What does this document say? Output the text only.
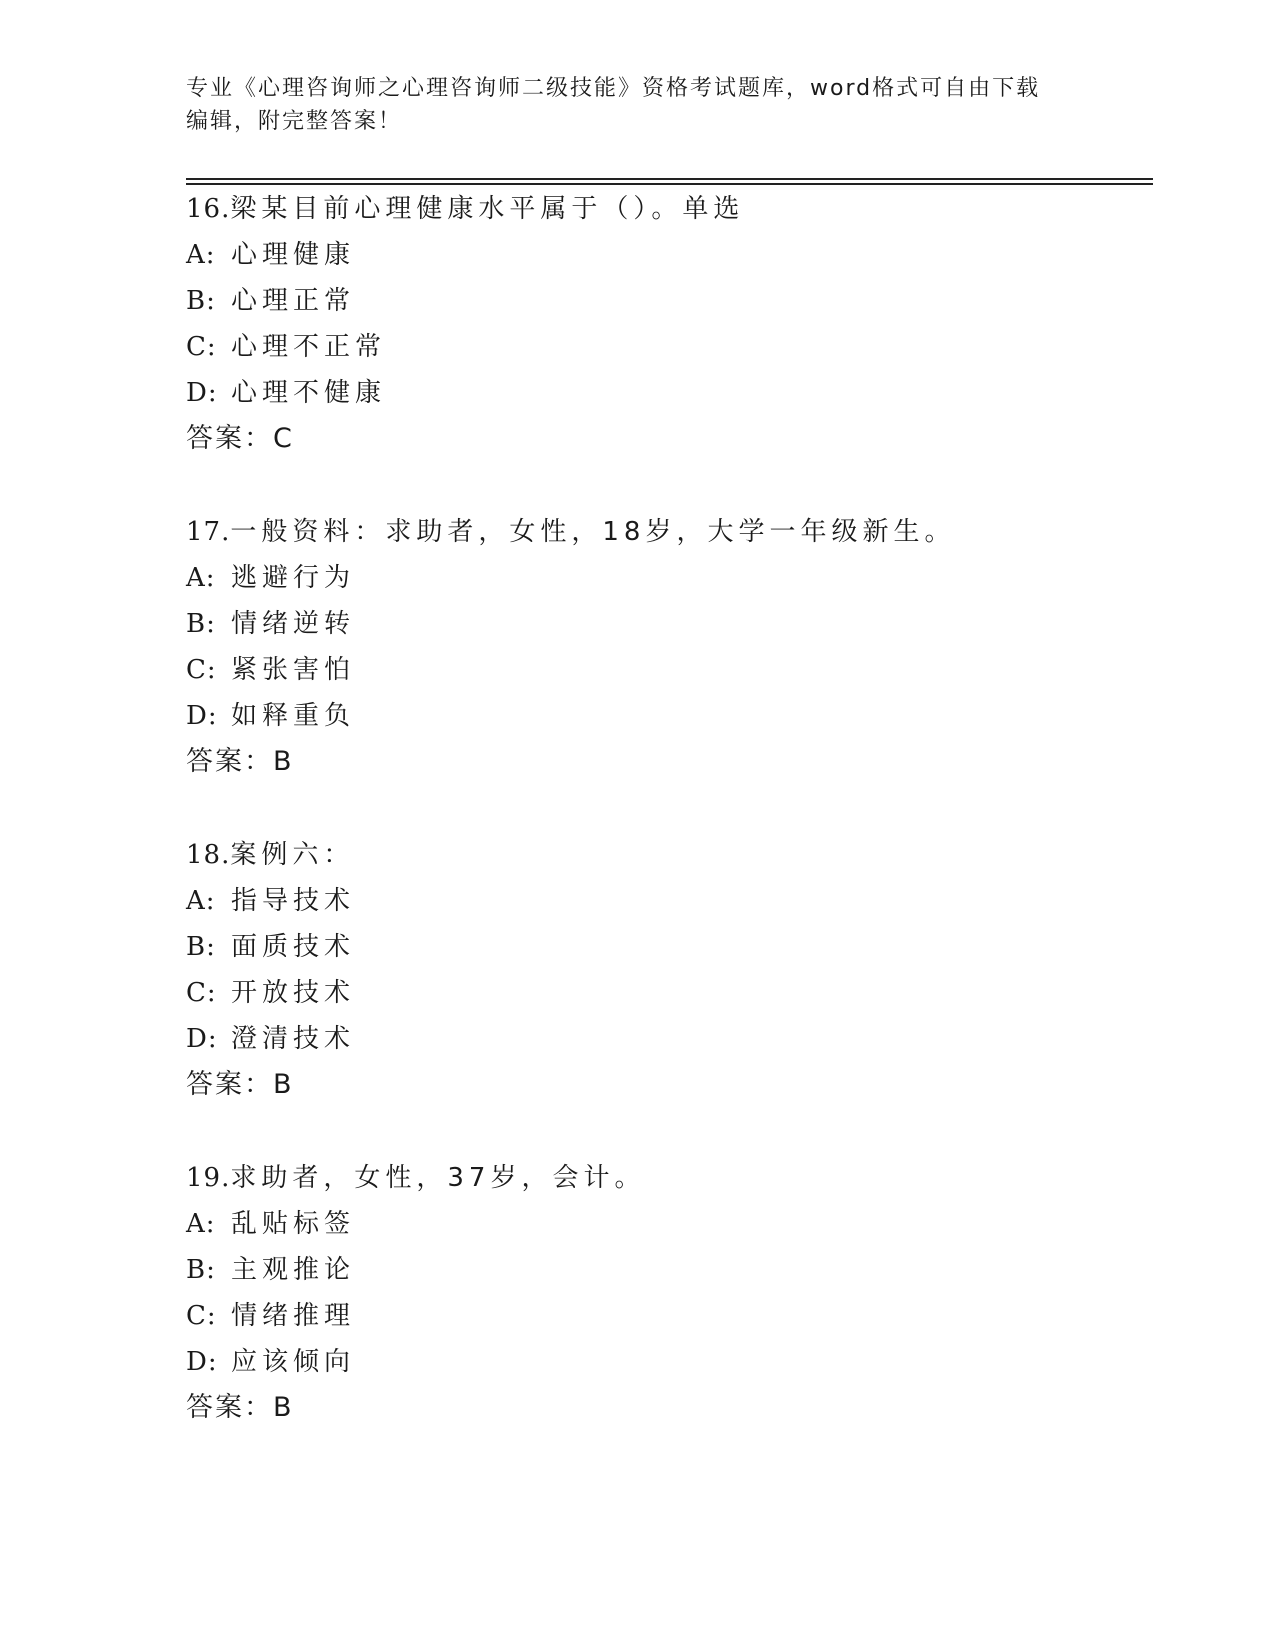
专业《心理咨询师之心理咨询师二级技能》资格考试题库，word格式可自由下载
编辑，附完整答案！
16.梁某目前心理健康水平属于（）。单选
A: 心理健康
B: 心理正常
C: 心理不正常
D: 心理不健康
答案：C
17.一般资料：求助者，女性，18岁，大学一年级新生。
A: 逃避行为
B: 情绪逆转
C: 紧张害怕
D: 如释重负
答案：B
18.案例六：
A: 指导技术
B: 面质技术
C: 开放技术
D: 澄清技术
答案：B
19.求助者，女性，37岁，会计。
A: 乱贴标签
B: 主观推论
C: 情绪推理
D: 应该倾向
答案：B
